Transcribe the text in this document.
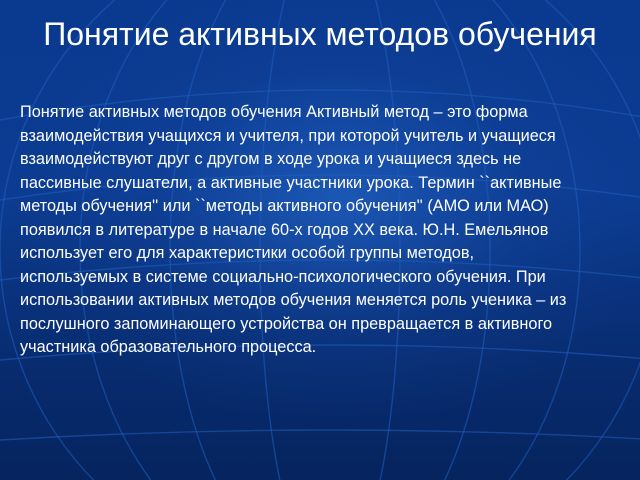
Понятие активных методов обучения

Понятие активных методов обучения Активный метод – это форма взаимодействия учащихся и учителя, при которой учитель и учащиеся взаимодействуют друг с другом в ходе урока и учащиеся здесь не пассивные слушатели, а активные участники урока. Термин ``активные методы обучения'' или ``методы активного обучения'' (АМО или МАО) появился в литературе в начале 60-х годов XX века. Ю.Н. Емельянов использует его для характеристики особой группы методов, используемых в системе социально-психологического обучения. При использовании активных методов обучения меняется роль ученика – из послушного запоминающего устройства он превращается в активного участника образовательного процесса.
